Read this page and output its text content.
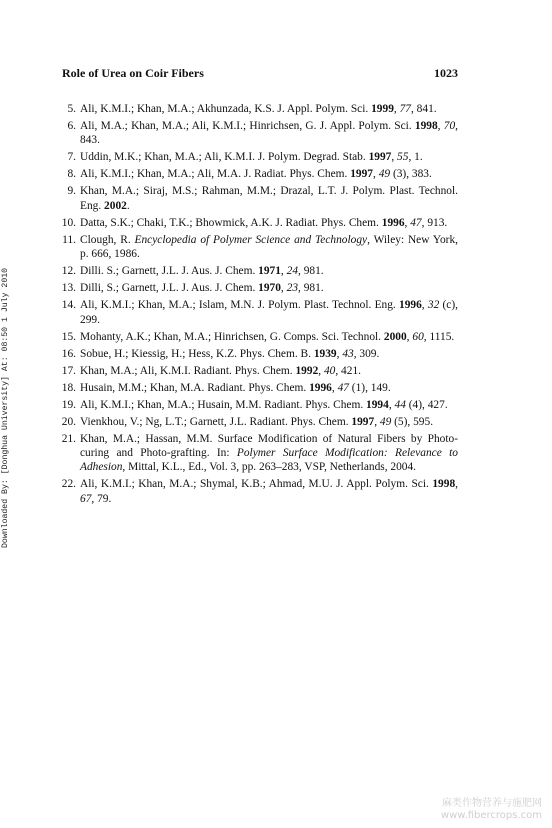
Role of Urea on Coir Fibers	1023
5. Ali, K.M.I.; Khan, M.A.; Akhunzada, K.S. J. Appl. Polym. Sci. 1999, 77, 841.
6. Ali, M.A.; Khan, M.A.; Ali, K.M.I.; Hinrichsen, G. J. Appl. Polym. Sci. 1998, 70, 843.
7. Uddin, M.K.; Khan, M.A.; Ali, K.M.I. J. Polym. Degrad. Stab. 1997, 55, 1.
8. Ali, K.M.I.; Khan, M.A.; Ali, M.A. J. Radiat. Phys. Chem. 1997, 49 (3), 383.
9. Khan, M.A.; Siraj, M.S.; Rahman, M.M.; Drazal, L.T. J. Polym. Plast. Technol. Eng. 2002.
10. Datta, S.K.; Chaki, T.K.; Bhowmick, A.K. J. Radiat. Phys. Chem. 1996, 47, 913.
11. Clough, R. Encyclopedia of Polymer Science and Technology, Wiley: New York, p. 666, 1986.
12. Dilli. S.; Garnett, J.L. J. Aus. J. Chem. 1971, 24, 981.
13. Dilli, S.; Garnett, J.L. J. Aus. J. Chem. 1970, 23, 981.
14. Ali, K.M.I.; Khan, M.A.; Islam, M.N. J. Polym. Plast. Technol. Eng. 1996, 32 (c), 299.
15. Mohanty, A.K.; Khan, M.A.; Hinrichsen, G. Comps. Sci. Technol. 2000, 60, 1115.
16. Sobue, H.; Kiessig, H.; Hess, K.Z. Phys. Chem. B. 1939, 43, 309.
17. Khan, M.A.; Ali, K.M.I. Radiant. Phys. Chem. 1992, 40, 421.
18. Husain, M.M.; Khan, M.A. Radiant. Phys. Chem. 1996, 47 (1), 149.
19. Ali, K.M.I.; Khan, M.A.; Husain, M.M. Radiant. Phys. Chem. 1994, 44 (4), 427.
20. Vienkhou, V.; Ng, L.T.; Garnett, J.L. Radiant. Phys. Chem. 1997, 49 (5), 595.
21. Khan, M.A.; Hassan, M.M. Surface Modification of Natural Fibers by Photo-curing and Photo-grafting. In: Polymer Surface Modification: Relevance to Adhesion, Mittal, K.L., Ed., Vol. 3, pp. 263–283, VSP, Netherlands, 2004.
22. Ali, K.M.I.; Khan, M.A.; Shymal, K.B.; Ahmad, M.U. J. Appl. Polym. Sci. 1998, 67, 79.
Downloaded By: [Donghua University] At: 08:50 1 July 2010
麻类作物营养与施肥网
www.fibercrops.com
